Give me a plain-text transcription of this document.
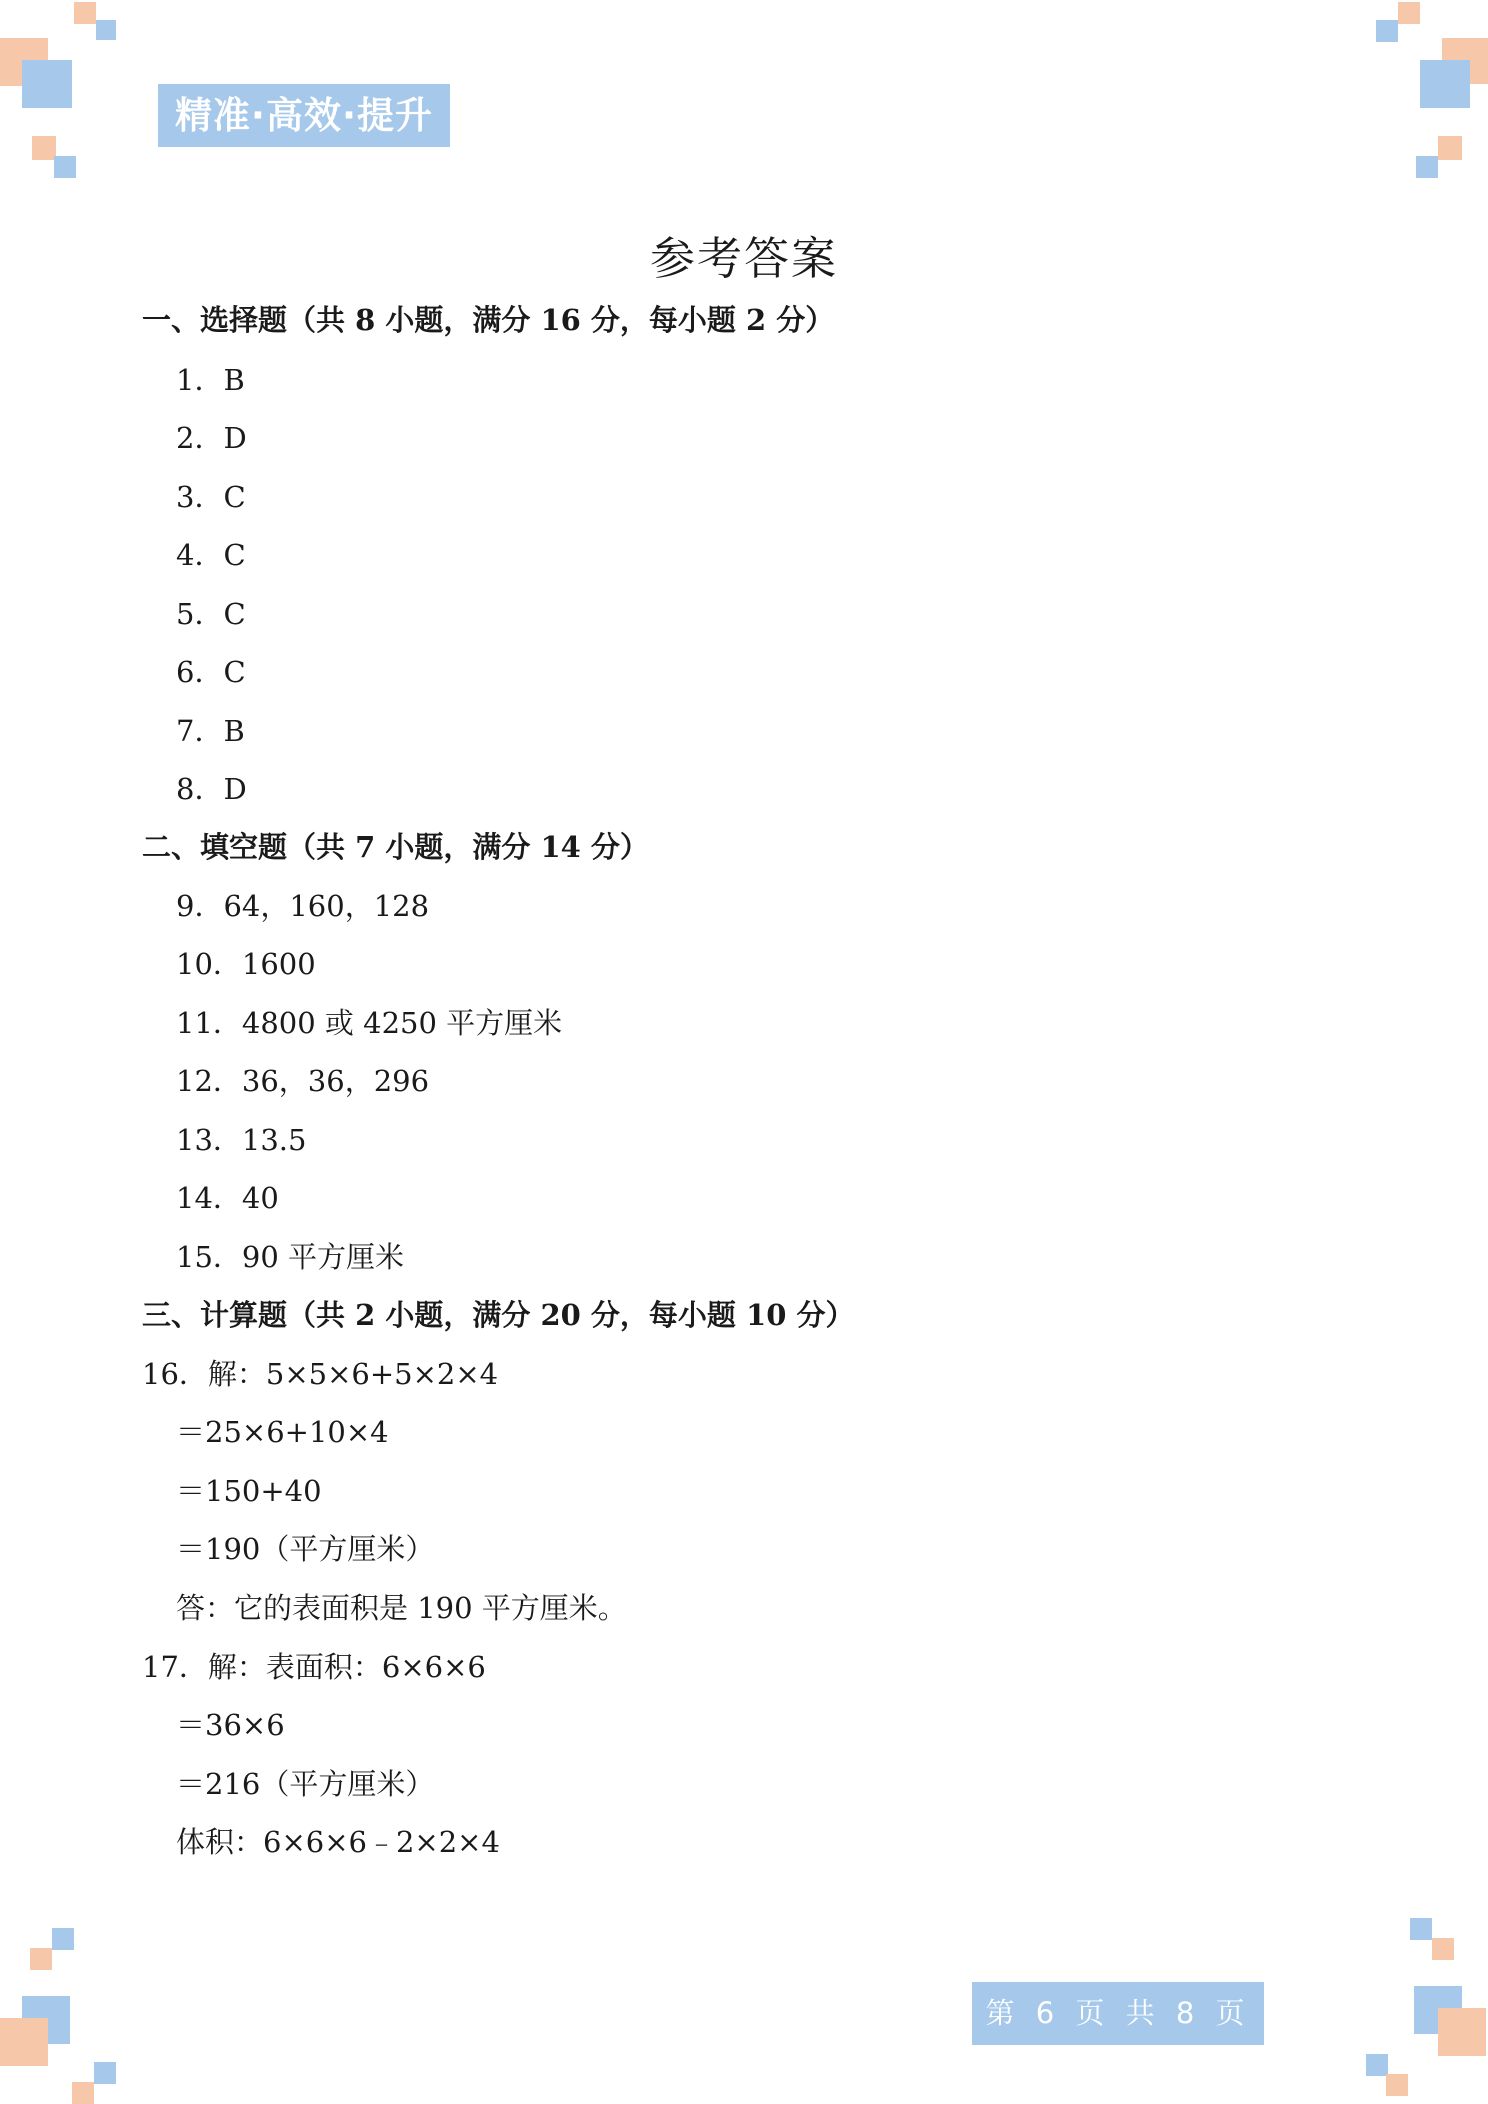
精准·高效·提升
参考答案
一、选择题（共 8 小题，满分 16 分，每小题 2 分）
1．B
2．D
3．C
4．C
5．C
6．C
7．B
8．D
二、填空题（共 7 小题，满分 14 分）
9．64，160，128
10．1600
11．4800 或 4250 平方厘米
12．36，36，296
13．13.5
14．40
15．90 平方厘米
三、计算题（共 2 小题，满分 20 分，每小题 10 分）
16．解：5×5×6+5×2×4
＝25×6+10×4
＝150+40
＝190（平方厘米）
答：它的表面积是 190 平方厘米。
17．解：表面积：6×6×6
＝36×6
＝216（平方厘米）
体积：6×6×6﹣2×2×4
第 6 页 共 8 页
